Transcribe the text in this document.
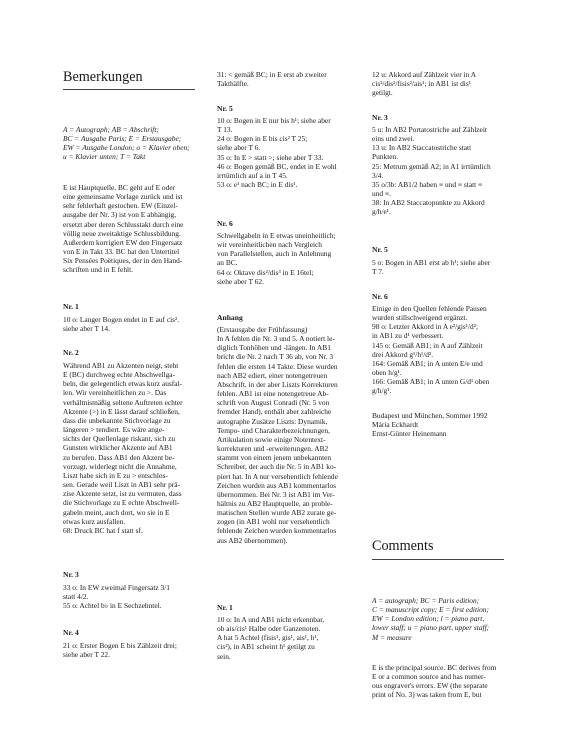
Bemerkungen
A = Autograph; AB = Abschrift;
BC = Ausgabe Paris; E = Erstausgabe;
EW = Ausgabe London; o = Klavier oben;
u = Klavier unten; T = Takt
E ist Hauptquelle. BC geht auf E oder
eine gemeinsame Vorlage zurück und ist
sehr fehlerhaft gestochen. EW (Einzel-
ausgabe der Nr. 3) ist von E abhängig,
ersetzt aber deren Schlusstakt durch eine
völlig neue zweitaktige Schlussbildung.
Außerdem korrigiert EW den Fingersatz
von E in Takt 33. BC hat den Untertitel
Six Pensées Poëtiques, der in den Hand-
schriften und in E fehlt.
Nr. 1
10 o: Langer Bogen endet in E auf cis².
siehe aber T 14.
Nr. 2
Während AB1 zu Akzenten neigt, steht
E (BC) durchweg echte Abschwellga-
beln, die gelegentlich etwas kurz ausfal-
len. Wir vereinheitlichen zu >. Das
verhältnismäßig seltene Auftreten echter
Akzente (>) in E lässt darauf schließen,
dass die unbekannte Stichvorlage zu
längeren > tendiert. Es wäre ange-
sichts der Quellenlage riskant, sich zu
Gunsten wirklicher Akzente auf AB1
zu berufen. Dass AB1 den Akzent be-
vorzugt, widerlegt nicht die Annahme,
Liszt habe sich in E zu > entschlos-
sen. Gerade weil Liszt in AB1 sehr prä-
zise Akzente setzt, ist zu vermuten, dass
die Stichvorlage zu E echte Abschwell-
gabeln meint, auch dort, wo sie in E
etwas kurz ausfallen.
68: Druck BC hat f statt sf.
Nr. 3
33 o: In EW zweimal Fingersatz 3/1
statt 4/2.
55 o: Achtel b♭ in E Sechzehntel.
Nr. 4
21 o: Erster Bogen E bis Zählzeit drei;
siehe aber T 22.
31: < gemäß BC; in E erst ab zweiter
Takthälfte.
Nr. 5
10 o: Bogen in E nur bis h¹; siehe aber
T 13.
24 o: Bogen in E bis cis² T 25;
siehe aber T 6.
35 o: In E > statt >; siehe aber T 33.
46 o: Bogen gemäß BC, endet in E wohl
irrtümlich auf a in T 45.
53 o: e¹ nach BC; in E dis¹.
Nr. 6
Schwellgabeln in E etwas uneinheitlich;
wir vereinheitlichen nach Vergleich
von Parallelstellen, auch in Anlehnung
an BC.
64 o: Oktave dis²/dis³ in E 16tel;
siehe aber T 62.
Anhang
(Erstausgabe der Frühfassung)
In A fehlen die Nr. 3 und 5. A notiert le-
diglich Tonhöhen und -längen. In AB1
bricht die Nr. 2 nach T 36 ab, von Nr. 3
fehlen die ersten 14 Takte. Diese wurden
nach AB2 ediert, einer notengetreuen
Abschrift, in der aber Liszts Korrekturen
fehlen. AB1 ist eine notengetreue Ab-
schrift von August Conradi (Nr. 5 von
fremder Hand), enthält aber zahlreiche
autographe Zusätze Liszts: Dynamik,
Tempo- und Charakterbezeichnungen,
Artikulation sowie einige Notentext-
korrekturen und -erweiterungen. AB2
stammt von einem jenem unbekannten
Schreiber, der auch die Nr. 5 in AB1 ko-
piert hat. In A nur versehentlich fehlende
Zeichen wurden aus AB1 kommentarlos
übernommen. Bei Nr. 3 ist AB1 im Ver-
hältnis zu AB2 Hauptquelle, an proble-
matischen Stellen wurde AB2 zurate ge-
zogen (in AB1 wohl nur versehentlich
fehlende Zeichen wurden kommentarlos
aus AB2 übernommen).
Nr. 1
10 o: In A und AB1 nicht erkennbar,
ob ais/cis¹ Halbe oder Ganzenoten.
A hat 5 Achtel (fisis¹, gis¹, ais¹, h¹,
cis²), in AB1 scheint h¹ getilgt zu
sein.
12 u: Akkord auf Zählzeit vier in A
cis²/dis²/fisis²/ais¹; in AB1 ist dis¹
getilgt.
Nr. 3
5 u: In AB2 Portatostriche auf Zählzeit
eins und zwei.
13 u: In AB2 Staccatostriche statt
Punkten.
25: Metrum gemäß A2; in A1 irrtümlich
3/4.
35 o/3b: AB1/2 haben ≡ und ≡ statt ≡
und ≡.
38: In AB2 Staccatopunkte zu Akkord
g/h/e¹.
Nr. 5
5 o: Bogen in AB1 erst ab h¹; siehe aber
T 7.
Nr. 6
Einige in den Quellen fehlende Pausen
wurden stillschweigend ergänzt.
98 o: Letzter Akkord in A e²/gis¹/d²;
in AB1 zu d¹ verbessert.
145 o: Gemäß AB1; in A auf Zählzeit
drei Akkord g¹/h¹/d².
164: Gemäß AB1; in A unten E/e und
oben h/g¹.
166: Gemäß AB1; in A unten G/d¹ oben
g/h/g¹.
Budapest und München, Sommer 1992
Mária Eckhardt
Ernst-Günter Heinemann
Comments
A = autograph; BC = Paris edition;
C = manuscript copy; E = first edition;
EW = London edition; l = piano part,
lower staff; u = piano part, upper staff;
M = measure
E is the principal source. BC derives from
E or a common source and has numer-
ous engraver's errors. EW (the separate
print of No. 3) was taken from E, but
